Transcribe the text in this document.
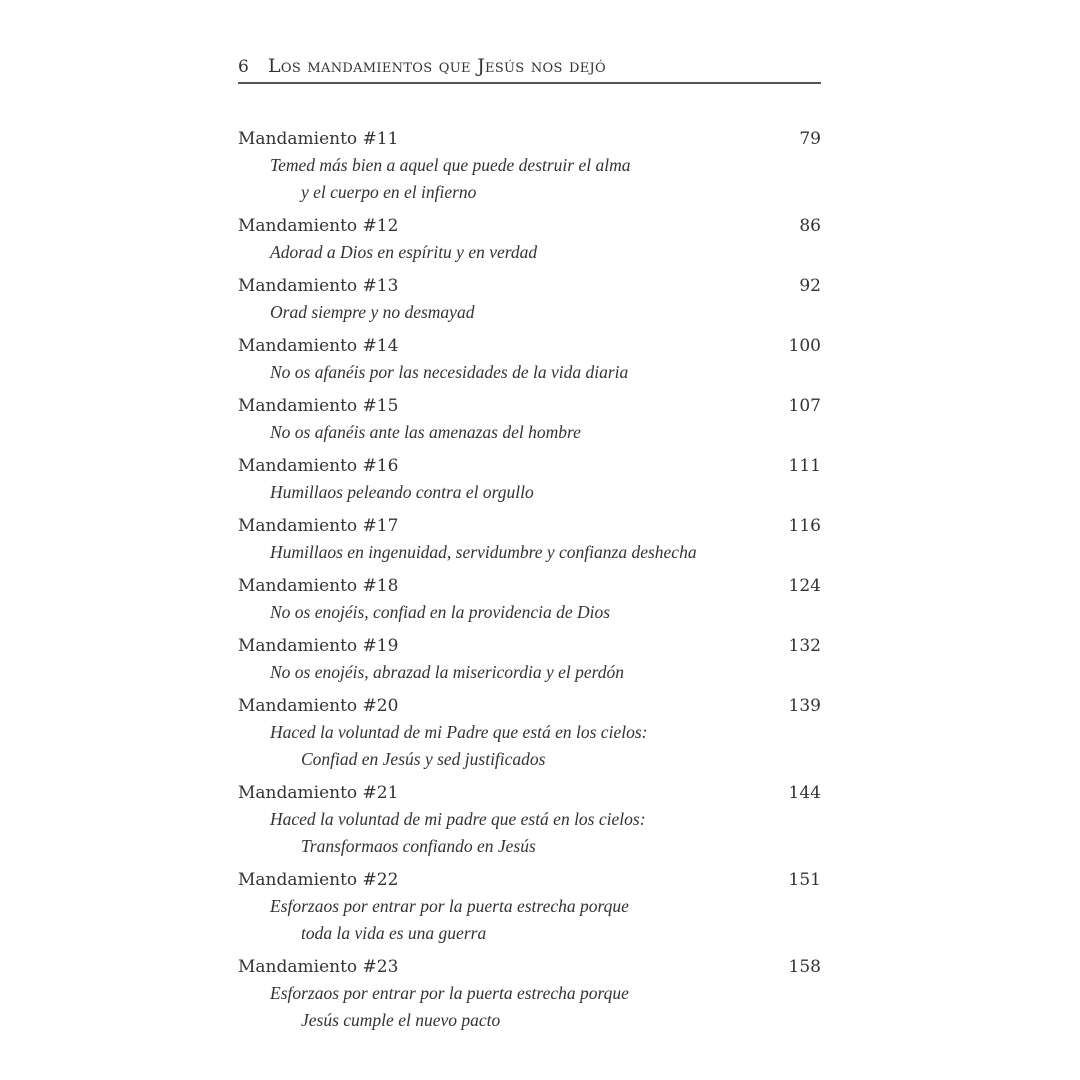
6 Los mandamientos que Jesús nos dejó
Mandamiento #11	79
Temed más bien a aquel que puede destruir el alma
y el cuerpo en el infierno
Mandamiento #12	86
Adorad a Dios en espíritu y en verdad
Mandamiento #13	92
Orad siempre y no desmayad
Mandamiento #14	100
No os afanéis por las necesidades de la vida diaria
Mandamiento #15	107
No os afanéis ante las amenazas del hombre
Mandamiento #16	111
Humillaos peleando contra el orgullo
Mandamiento #17	116
Humillaos en ingenuidad, servidumbre y confianza deshecha
Mandamiento #18	124
No os enojéis, confiad en la providencia de Dios
Mandamiento #19	132
No os enojéis, abrazad la misericordia y el perdón
Mandamiento #20	139
Haced la voluntad de mi Padre que está en los cielos:
Confiad en Jesús y sed justificados
Mandamiento #21	144
Haced la voluntad de mi padre que está en los cielos:
Transformaos confiando en Jesús
Mandamiento #22	151
Esforzaos por entrar por la puerta estrecha porque
toda la vida es una guerra
Mandamiento #23	158
Esforzaos por entrar por la puerta estrecha porque
Jesús cumple el nuevo pacto
